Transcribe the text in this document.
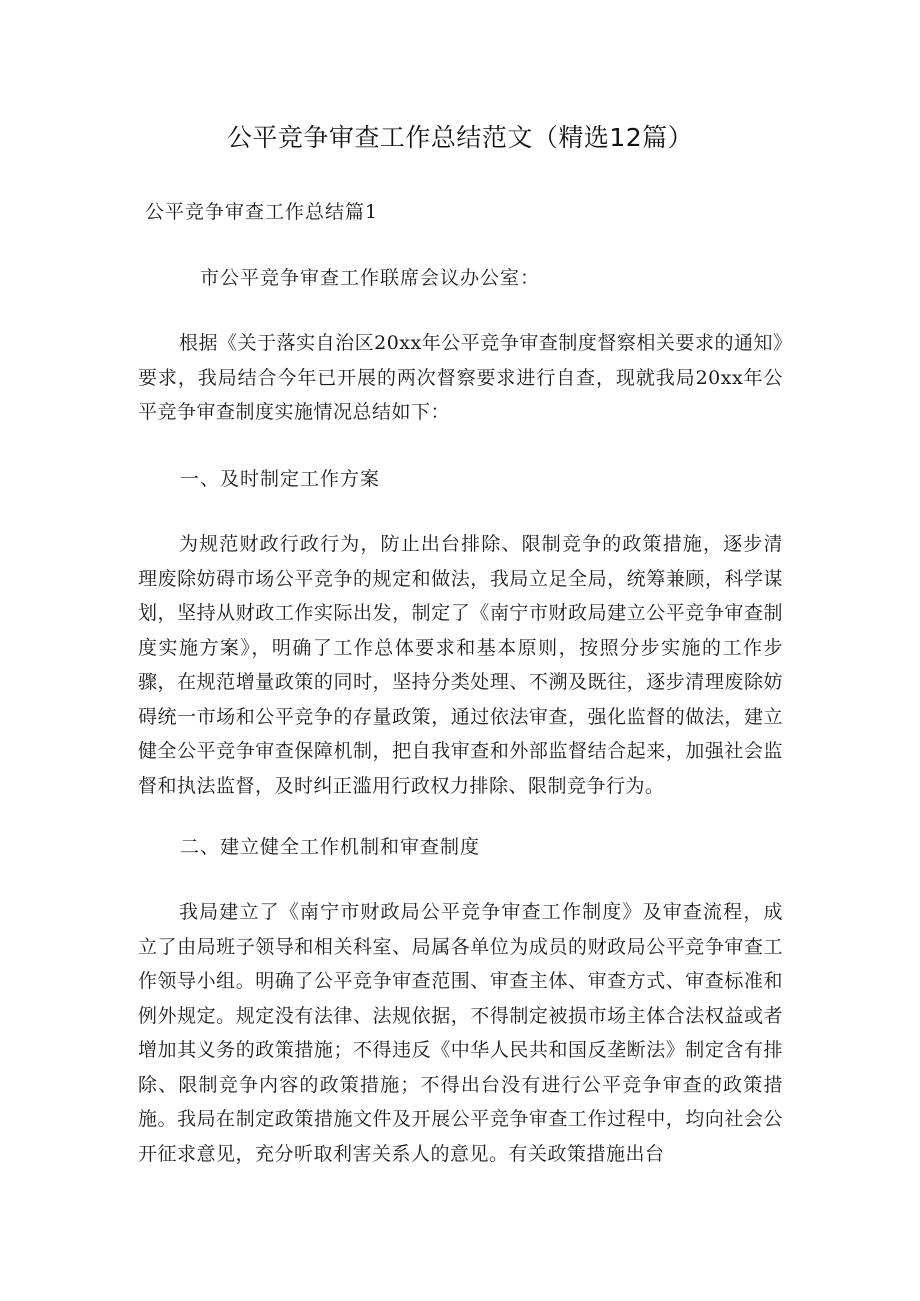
公平竞争审查工作总结范文（精选12篇）
公平竞争审查工作总结篇1

市公平竞争审查工作联席会议办公室：

根据《关于落实自治区20xx年公平竞争审查制度督察相关要求的通知》要求，我局结合今年已开展的两次督察要求进行自查，现就我局20xx年公平竞争审查制度实施情况总结如下：

一、及时制定工作方案

为规范财政行政行为，防止出台排除、限制竞争的政策措施，逐步清理废除妨碍市场公平竞争的规定和做法，我局立足全局，统筹兼顾，科学谋划，坚持从财政工作实际出发，制定了《南宁市财政局建立公平竞争审查制度实施方案》，明确了工作总体要求和基本原则，按照分步实施的工作步骤，在规范增量政策的同时，坚持分类处理、不溯及既往，逐步清理废除妨碍统一市场和公平竞争的存量政策，通过依法审查，强化监督的做法，建立健全公平竞争审查保障机制，把自我审查和外部监督结合起来，加强社会监督和执法监督，及时纠正滥用行政权力排除、限制竞争行为。

二、建立健全工作机制和审查制度

我局建立了《南宁市财政局公平竞争审查工作制度》及审查流程，成立了由局班子领导和相关科室、局属各单位为成员的财政局公平竞争审查工作领导小组。明确了公平竞争审查范围、审查主体、审查方式、审查标准和例外规定。规定没有法律、法规依据，不得制定被损市场主体合法权益或者增加其义务的政策措施；不得违反《中华人民共和国反垄断法》制定含有排除、限制竞争内容的政策措施；不得出台没有进行公平竞争审查的政策措施。我局在制定政策措施文件及开展公平竞争审查工作过程中，均向社会公开征求意见，充分听取利害关系人的意见。有关政策措施出台
